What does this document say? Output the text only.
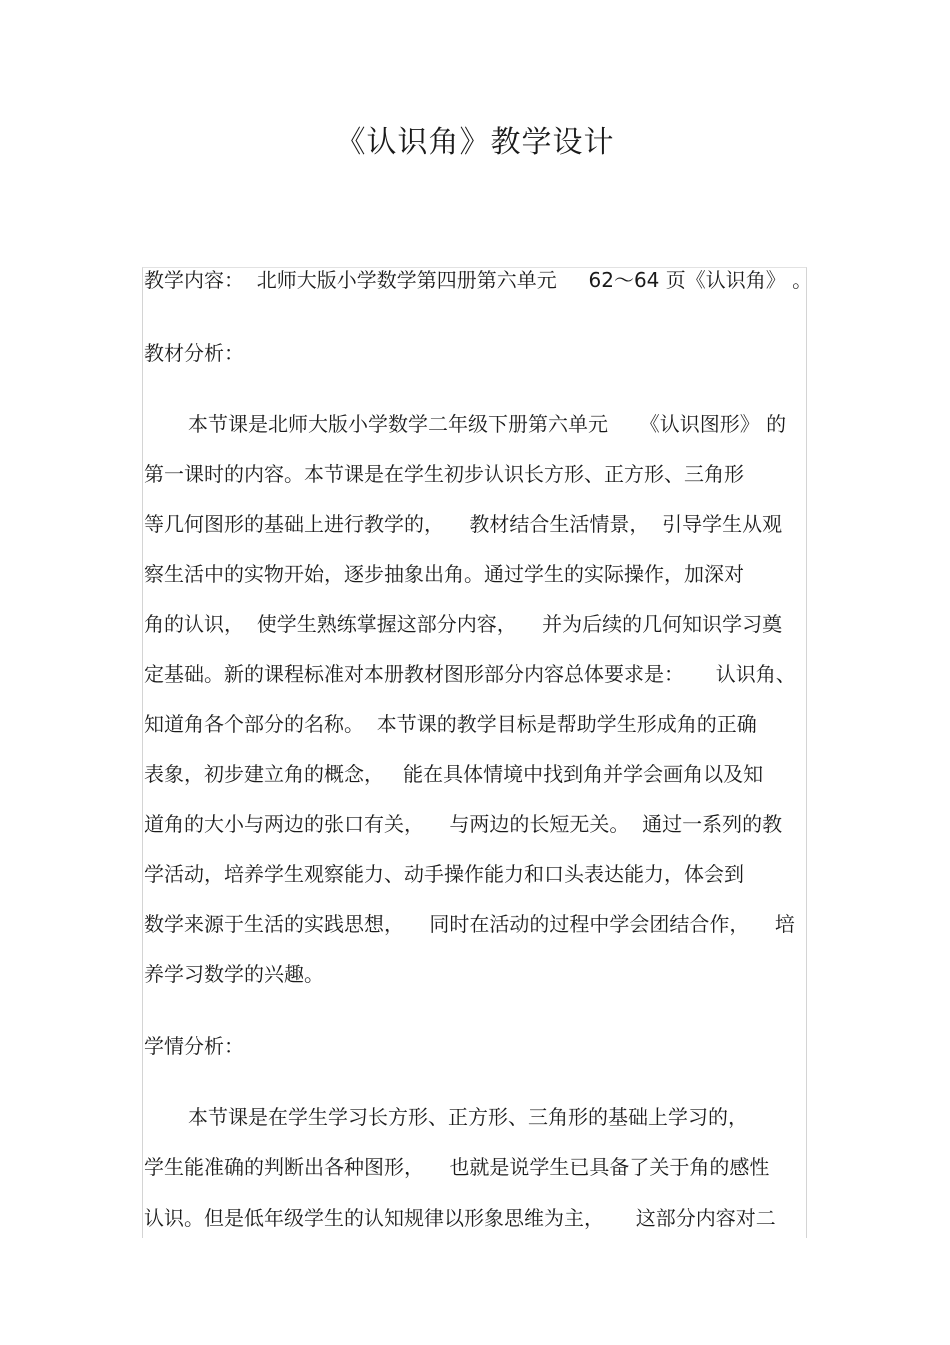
《认识角》教学设计
教学内容：  北师大版小学数学第四册第六单元     62～64 页《认识角》 。
教材分析：
本节课是北师大版小学数学二年级下册第六单元     《认识图形》 的
第一课时的内容。本节课是在学生初步认识长方形、正方形、三角形
等几何图形的基础上进行教学的，    教材结合生活情景，  引导学生从观
察生活中的实物开始，逐步抽象出角。通过学生的实际操作，加深对
角的认识，  使学生熟练掌握这部分内容，    并为后续的几何知识学习奠
定基础。新的课程标准对本册教材图形部分内容总体要求是：     认识角、
知道角各个部分的名称。  本节课的教学目标是帮助学生形成角的正确
表象，初步建立角的概念，   能在具体情境中找到角并学会画角以及知
道角的大小与两边的张口有关，    与两边的长短无关。  通过一系列的教
学活动，培养学生观察能力、动手操作能力和口头表达能力，体会到
数学来源于生活的实践思想，    同时在活动的过程中学会团结合作，    培
养学习数学的兴趣。
学情分析：
本节课是在学生学习长方形、正方形、三角形的基础上学习的，
学生能准确的判断出各种图形，    也就是说学生已具备了关于角的感性
认识。但是低年级学生的认知规律以形象思维为主，     这部分内容对二
